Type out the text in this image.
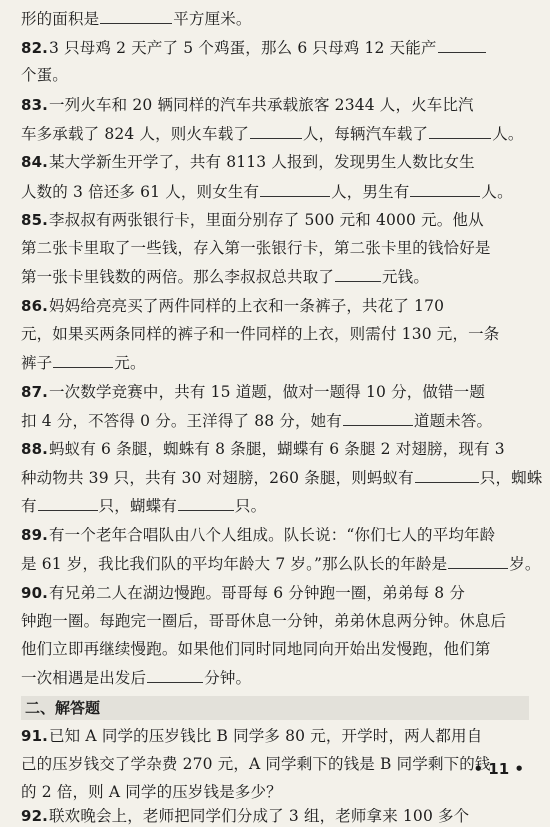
形的面积是	平方厘米。
82.3 只母鸡 2 天产了 5 个鸡蛋，那么 6 只母鸡 12 天能产
个蛋。
83.一列火车和 20 辆同样的汽车共承载旅客 2344 人，火车比汽
车多承载了 824 人，则火车载了	人，每辆汽车载了	人。
84.某大学新生开学了，共有 8113 人报到，发现男生人数比女生
人数的 3 倍还多 61 人，则女生有	人，男生有	人。
85.李叔叔有两张银行卡，里面分别存了 500 元和 4000 元。他从
第二张卡里取了一些钱，存入第一张银行卡，第二张卡里的钱恰好是
第一张卡里钱数的两倍。那么李叔叔总共取了	元钱。
86.妈妈给亮亮买了两件同样的上衣和一条裤子，共花了 170
元，如果买两条同样的裤子和一件同样的上衣，则需付 130 元，一条
裤子	元。
87.一次数学竞赛中，共有 15 道题，做对一题得 10 分，做错一题
扣 4 分，不答得 0 分。王洋得了 88 分，她有	道题未答。
88.蚂蚁有 6 条腿，蜘蛛有 8 条腿，蝴蝶有 6 条腿 2 对翅膀，现有 3
种动物共 39 只，共有 30 对翅膀，260 条腿，则蚂蚁有	只，蜘蛛
有	只，蝴蝶有	只。
89.有一个老年合唱队由八个人组成。队长说：“你们七人的平均年龄
是 61 岁，我比我们队的平均年龄大 7 岁。”那么队长的年龄是	岁。
90.有兄弟二人在湖边慢跑。哥哥每 6 分钟跑一圈，弟弟每 8 分
钟跑一圈。每跑完一圈后，哥哥休息一分钟，弟弟休息两分钟。休息后
他们立即再继续慢跑。如果他们同时同地同向开始出发慢跑，他们第
一次相遇是出发后	分钟。
二、解答题
91.已知 A 同学的压岁钱比 B 同学多 80 元，开学时，两人都用自
己的压岁钱交了学杂费 270 元，A 同学剩下的钱是 B 同学剩下的钱
的 2 倍，则 A 同学的压岁钱是多少？
92.联欢晚会上，老师把同学们分成了 3 组，老师拿来 100 多个
• 11 •
